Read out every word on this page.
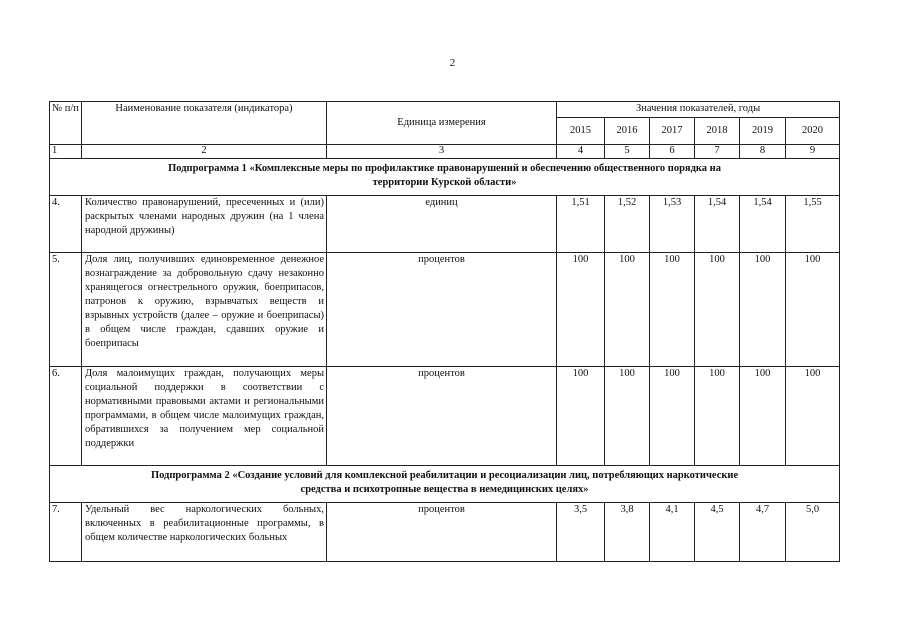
2
№ п/п	Наименование показателя (индикатора)	Единица измерения	Значения показателей, годы					
			2015	2016	2017	2018	2019	2020
1	2	3	4	5	6	7	8	9
Подпрограмма 1 «Комплексные меры по профилактике правонарушений и обеспечению общественного порядка на территории Курской области»								
4.	Количество правонарушений, пресеченных и (или) раскрытых членами народных дружин (на 1 члена народной дружины)	единиц	1,51	1,52	1,53	1,54	1,54	1,55
5.	Доля лиц, получивших единовременное денежное вознаграждение за добровольную сдачу незаконно хранящегося огнестрельного оружия, боеприпасов, патронов к оружию, взрывчатых веществ и взрывных устройств (далее – оружие и боеприпасы) в общем числе граждан, сдавших оружие и боеприпасы	процентов	100	100	100	100	100	100
6.	Доля малоимущих граждан, получающих меры социальной поддержки в соответствии с нормативными правовыми актами и региональными программами, в общем числе малоимущих граждан, обратившихся за получением мер социальной поддержки	процентов	100	100	100	100	100	100
Подпрограмма 2 «Создание условий для комплексной реабилитации и ресоциализации лиц, потребляющих наркотические средства и психотропные вещества в немедицинских целях»								
7.	Удельный вес наркологических больных, включенных в реабилитационные программы, в общем количестве наркологических больных	процентов	3,5	3,8	4,1	4,5	4,7	5,0
